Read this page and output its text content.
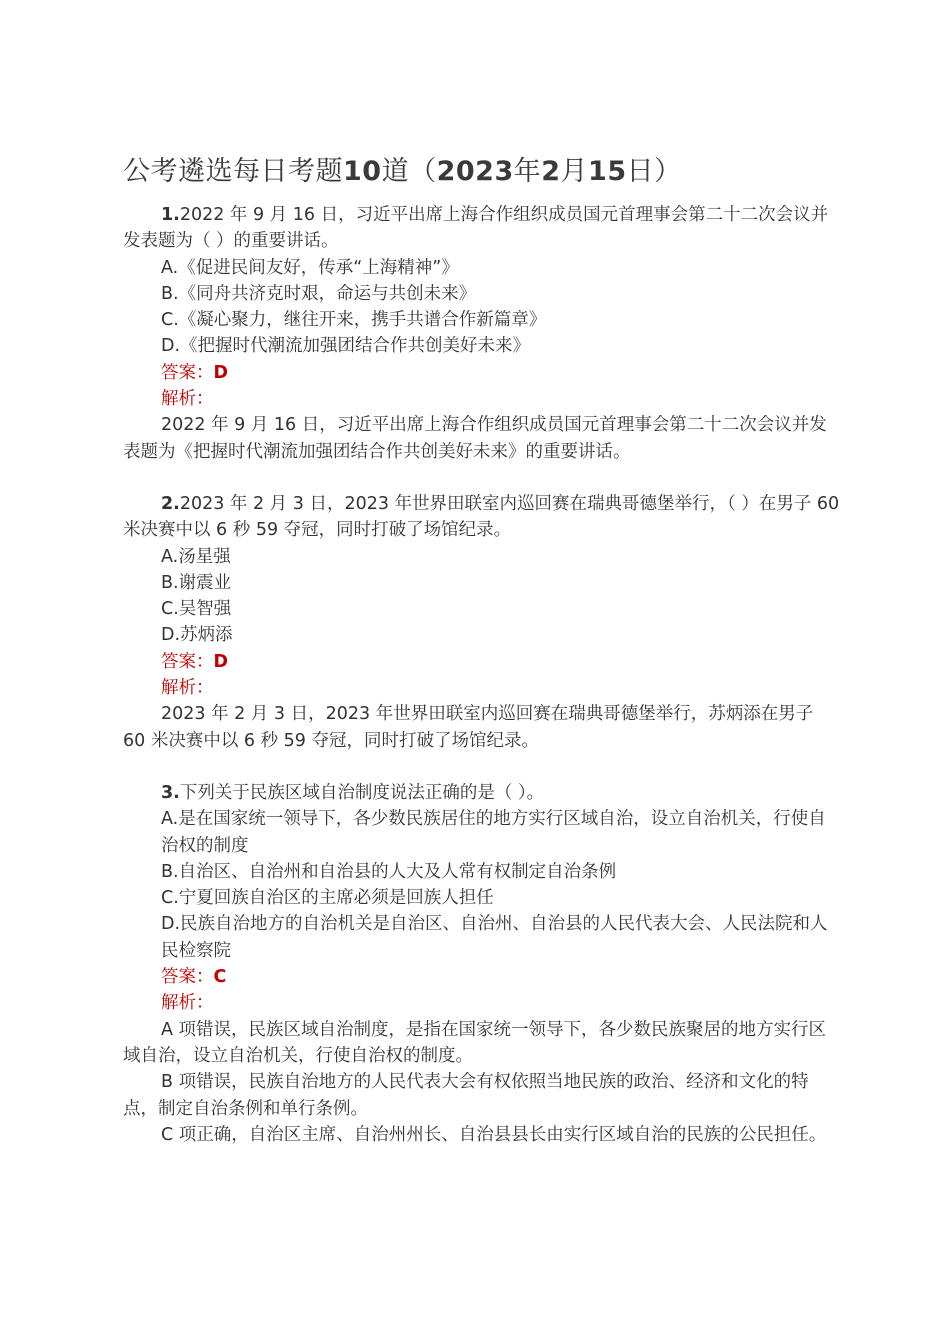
公考遴选每日考题10道（2023年2月15日）

1.2022 年 9 月 16 日，习近平出席上海合作组织成员国元首理事会第二十二次会议并发表题为（ ）的重要讲话。

A.《促进民间友好，传承“上海精神”》

B.《同舟共济克时艰，命运与共创未来》

C.《凝心聚力，继往开来，携手共谱合作新篇章》

D.《把握时代潮流加强团结合作共创美好未来》

答案：D

解析：

2022 年 9 月 16 日，习近平出席上海合作组织成员国元首理事会第二十二次会议并发表题为《把握时代潮流加强团结合作共创美好未来》的重要讲话。

2.2023 年 2 月 3 日，2023 年世界田联室内巡回赛在瑞典哥德堡举行，（ ）在男子 60 米决赛中以 6 秒 59 夺冠，同时打破了场馆纪录。

A.汤星强

B.谢震业

C.吴智强

D.苏炳添

答案：D

解析：

2023 年 2 月 3 日，2023 年世界田联室内巡回赛在瑞典哥德堡举行，苏炳添在男子 60 米决赛中以 6 秒 59 夺冠，同时打破了场馆纪录。

3.下列关于民族区域自治制度说法正确的是（ ）。

A.是在国家统一领导下，各少数民族居住的地方实行区域自治，设立自治机关，行使自治权的制度

B.自治区、自治州和自治县的人大及人常有权制定自治条例

C.宁夏回族自治区的主席必须是回族人担任

D.民族自治地方的自治机关是自治区、自治州、自治县的人民代表大会、人民法院和人民检察院

答案：C

解析：

A 项错误，民族区域自治制度，是指在国家统一领导下，各少数民族聚居的地方实行区域自治，设立自治机关，行使自治权的制度。

B 项错误，民族自治地方的人民代表大会有权依照当地民族的政治、经济和文化的特点，制定自治条例和单行条例。

C 项正确，自治区主席、自治州州长、自治县县长由实行区域自治的民族的公民担任。
